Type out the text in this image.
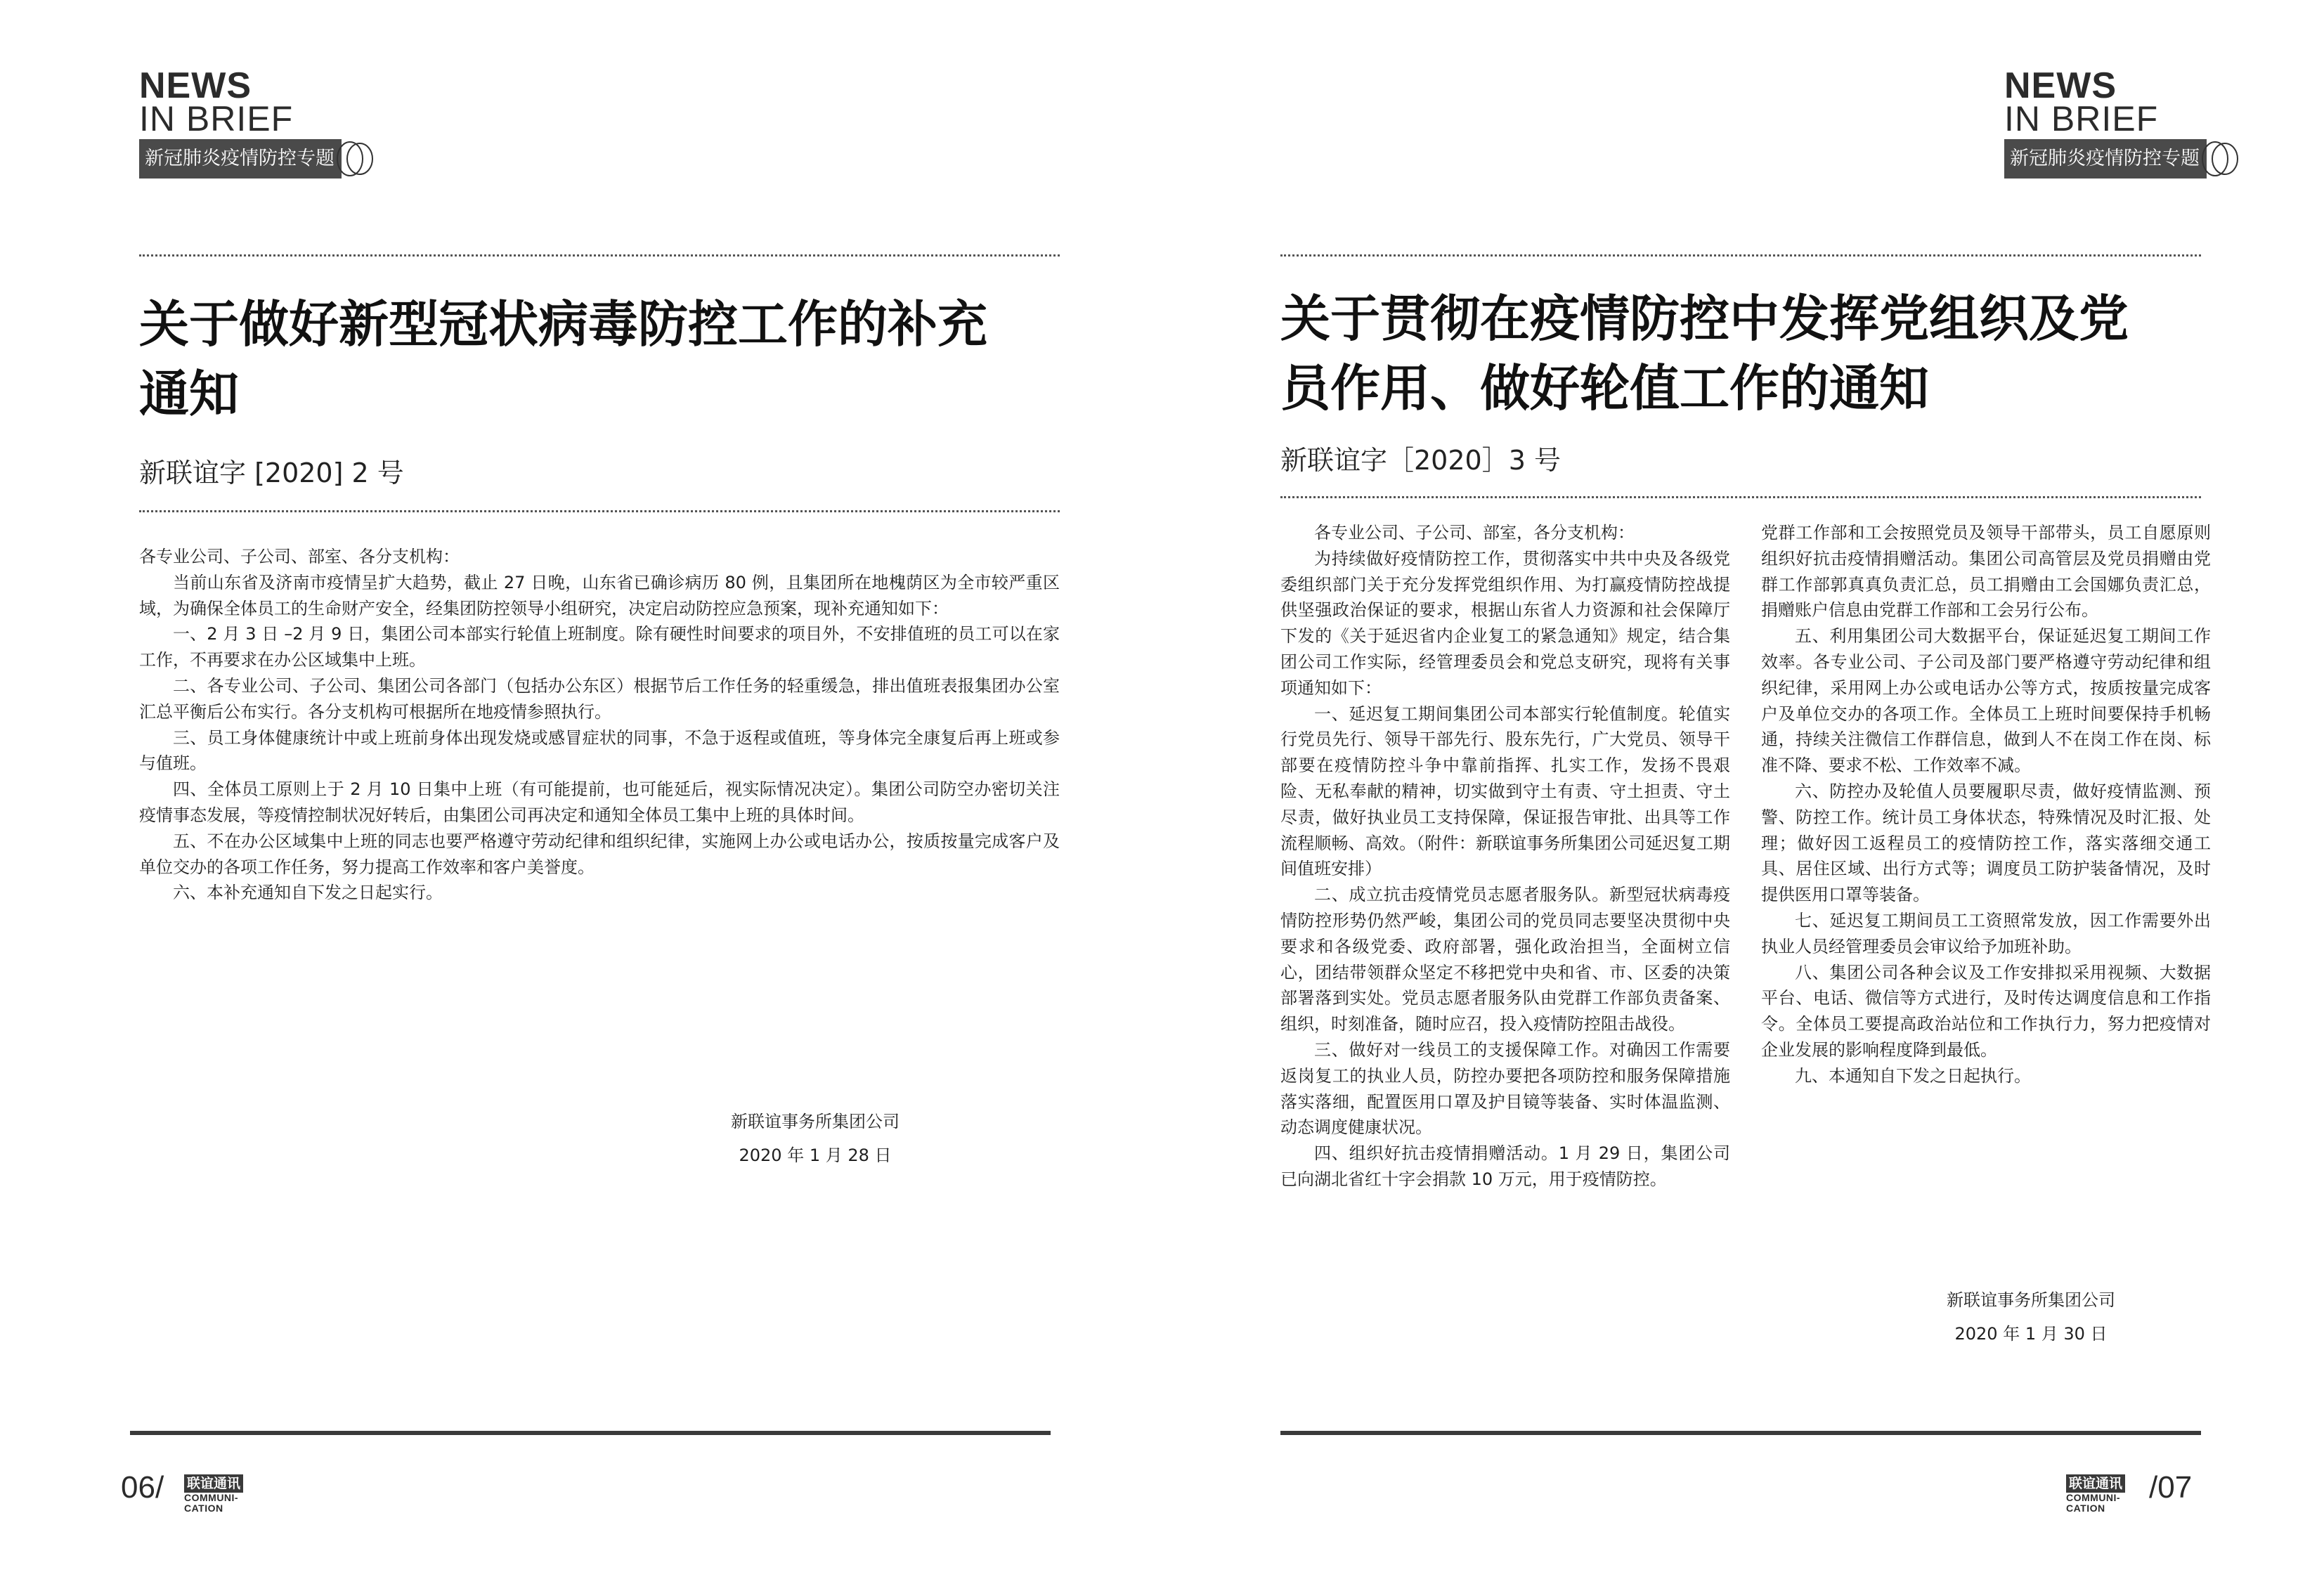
NEWS
IN BRIEF
新冠肺炎疫情防控专题
关于做好新型冠状病毒防控工作的补充
通知
新联谊字 [2020] 2 号

各专业公司、子公司、部室、各分支机构：

当前山东省及济南市疫情呈扩大趋势，截止 27 日晚，山东省已确诊病历 80 例，且集团所在地槐荫区为全市较严重区域，为确保全体员工的生命财产安全，经集团防控领导小组研究，决定启动防控应急预案，现补充通知如下：

一、2 月 3 日 –2 月 9 日，集团公司本部实行轮值上班制度。除有硬性时间要求的项目外，不安排值班的员工可以在家工作，不再要求在办公区域集中上班。

二、各专业公司、子公司、集团公司各部门（包括办公东区）根据节后工作任务的轻重缓急，排出值班表报集团办公室汇总平衡后公布实行。各分支机构可根据所在地疫情参照执行。

三、员工身体健康统计中或上班前身体出现发烧或感冒症状的同事，不急于返程或值班，等身体完全康复后再上班或参与值班。

四、全体员工原则上于 2 月 10 日集中上班（有可能提前，也可能延后，视实际情况决定）。集团公司防空办密切关注疫情事态发展，等疫情控制状况好转后，由集团公司再决定和通知全体员工集中上班的具体时间。

五、不在办公区域集中上班的同志也要严格遵守劳动纪律和组织纪律，实施网上办公或电话办公，按质按量完成客户及单位交办的各项工作任务，努力提高工作效率和客户美誉度。

六、本补充通知自下发之日起实行。

新联谊事务所集团公司
2020 年 1 月 28 日
06/ 联谊通讯
COMMUNI-
CATION
NEWS
IN BRIEF
新冠肺炎疫情防控专题
关于贯彻在疫情防控中发挥党组织及党
员作用、做好轮值工作的通知
新联谊字［2020］3 号

各专业公司、子公司、部室，各分支机构：

为持续做好疫情防控工作，贯彻落实中共中央及各级党委组织部门关于充分发挥党组织作用、为打赢疫情防控战提供坚强政治保证的要求，根据山东省人力资源和社会保障厅下发的《关于延迟省内企业复工的紧急通知》规定，结合集团公司工作实际，经管理委员会和党总支研究，现将有关事项通知如下：

一、延迟复工期间集团公司本部实行轮值制度。轮值实行党员先行、领导干部先行、股东先行，广大党员、领导干部要在疫情防控斗争中靠前指挥、扎实工作，发扬不畏艰险、无私奉献的精神，切实做到守土有责、守土担责、守土尽责，做好执业员工支持保障，保证报告审批、出具等工作流程顺畅、高效。（附件：新联谊事务所集团公司延迟复工期间值班安排）

二、成立抗击疫情党员志愿者服务队。新型冠状病毒疫情防控形势仍然严峻，集团公司的党员同志要坚决贯彻中央要求和各级党委、政府部署，强化政治担当，全面树立信心，团结带领群众坚定不移把党中央和省、市、区委的决策部署落到实处。党员志愿者服务队由党群工作部负责备案、组织，时刻准备，随时应召，投入疫情防控阻击战役。

三、做好对一线员工的支援保障工作。对确因工作需要返岗复工的执业人员，防控办要把各项防控和服务保障措施落实落细，配置医用口罩及护目镜等装备、实时体温监测、动态调度健康状况。

四、组织好抗击疫情捐赠活动。1 月 29 日，集团公司已向湖北省红十字会捐款 10 万元，用于疫情防控。

党群工作部和工会按照党员及领导干部带头，员工自愿原则组织好抗击疫情捐赠活动。集团公司高管层及党员捐赠由党群工作部郭真真负责汇总，员工捐赠由工会国娜负责汇总，捐赠账户信息由党群工作部和工会另行公布。

五、利用集团公司大数据平台，保证延迟复工期间工作效率。各专业公司、子公司及部门要严格遵守劳动纪律和组织纪律，采用网上办公或电话办公等方式，按质按量完成客户及单位交办的各项工作。全体员工上班时间要保持手机畅通，持续关注微信工作群信息，做到人不在岗工作在岗、标准不降、要求不松、工作效率不减。

六、防控办及轮值人员要履职尽责，做好疫情监测、预警、防控工作。统计员工身体状态，特殊情况及时汇报、处理；做好因工返程员工的疫情防控工作，落实落细交通工具、居住区域、出行方式等；调度员工防护装备情况，及时提供医用口罩等装备。

七、延迟复工期间员工工资照常发放，因工作需要外出执业人员经管理委员会审议给予加班补助。

八、集团公司各种会议及工作安排拟采用视频、大数据平台、电话、微信等方式进行，及时传达调度信息和工作指令。全体员工要提高政治站位和工作执行力，努力把疫情对企业发展的影响程度降到最低。

九、本通知自下发之日起执行。

新联谊事务所集团公司
2020 年 1 月 30 日
联谊通讯
COMMUNI-
CATION
/07
